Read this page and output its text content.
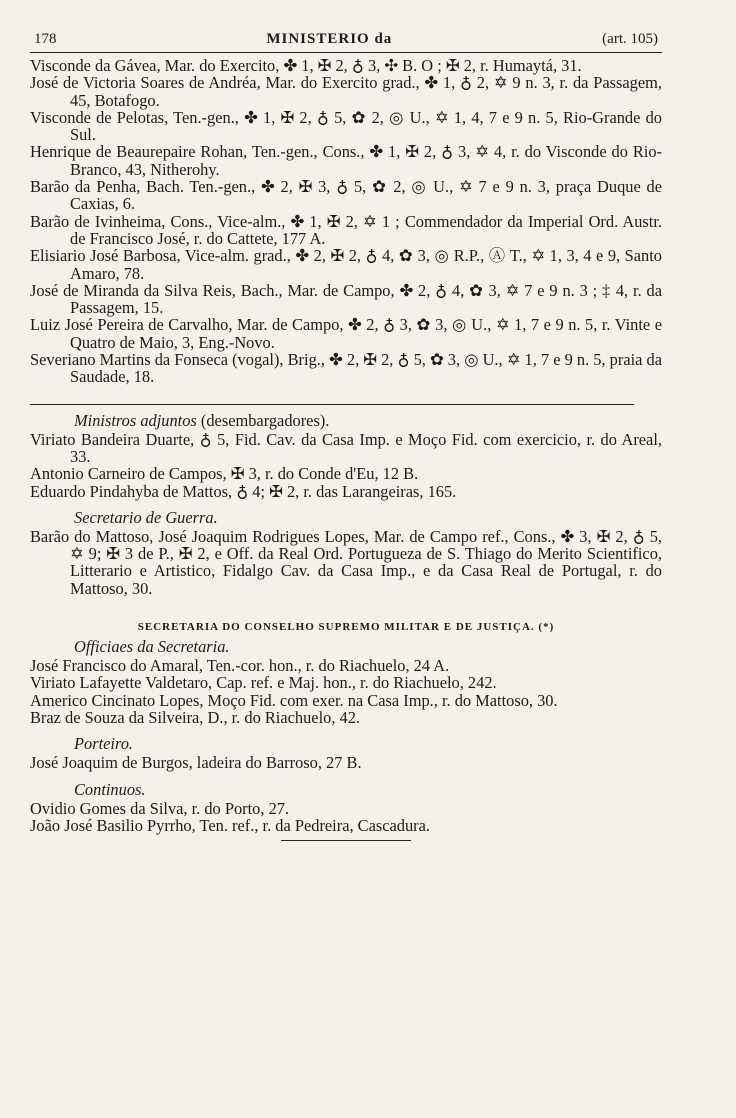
178	MINISTERIO da	(art. 105)

Visconde da Gávea, Mar. do Exercito, ✤ 1, ✠ 2, ♁ 3, ✣ B. O ; ✠ 2, r. Humaytá, 31.

José de Victoria Soares de Andréa, Mar. do Exercito grad., ✤ 1, ♁ 2, ✡ 9 n. 3, r. da Passagem, 45, Botafogo.

Visconde de Pelotas, Ten.-gen., ✤ 1, ✠ 2, ♁ 5, ✿ 2, ◎ U., ✡ 1, 4, 7 e 9 n. 5, Rio-Grande do Sul.

Henrique de Beaurepaire Rohan, Ten.-gen., Cons., ✤ 1, ✠ 2, ♁ 3, ✡ 4, r. do Visconde do Rio-Branco, 43, Nitherohy.

Barão da Penha, Bach. Ten.-gen., ✤ 2, ✠ 3, ♁ 5, ✿ 2, ◎ U., ✡ 7 e 9 n. 3, praça Duque de Caxias, 6.

Barão de Ivinheima, Cons., Vice-alm., ✤ 1, ✠ 2, ✡ 1 ; Commendador da Imperial Ord. Austr. de Francisco José, r. do Cattete, 177 A.

Elisiario José Barbosa, Vice-alm. grad., ✤ 2, ✠ 2, ♁ 4, ✿ 3, ◎ R.P., Ⓐ T., ✡ 1, 3, 4 e 9, Santo Amaro, 78.

José de Miranda da Silva Reis, Bach., Mar. de Campo, ✤ 2, ♁ 4, ✿ 3, ✡ 7 e 9 n. 3 ; ‡ 4, r. da Passagem, 15.

Luiz José Pereira de Carvalho, Mar. de Campo, ✤ 2, ♁ 3, ✿ 3, ◎ U., ✡ 1, 7 e 9 n. 5, r. Vinte e Quatro de Maio, 3, Eng.-Novo.

Severiano Martins da Fonseca (vogal), Brig., ✤ 2, ✠ 2, ♁ 5, ✿ 3, ◎ U., ✡ 1, 7 e 9 n. 5, praia da Saudade, 18.

Ministros adjuntos (desembargadores).

Viriato Bandeira Duarte, ♁ 5, Fid. Cav. da Casa Imp. e Moço Fid. com exercicio, r. do Areal, 33.

Antonio Carneiro de Campos, ✠ 3, r. do Conde d'Eu, 12 B.

Eduardo Pindahyba de Mattos, ♁ 4; ✠ 2, r. das Larangeiras, 165.

Secretario de Guerra.

Barão do Mattoso, José Joaquim Rodrigues Lopes, Mar. de Campo ref., Cons., ✤ 3, ✠ 2, ♁ 5, ✡ 9; ✠ 3 de P., ✠ 2, e Off. da Real Ord. Portugueza de S. Thiago do Merito Scientifico, Litterario e Artistico, Fidalgo Cav. da Casa Imp., e da Casa Real de Portugal, r. do Mattoso, 30.

SECRETARIA DO CONSELHO SUPREMO MILITAR E DE JUSTIÇA. (*)
Officiaes da Secretaria.

José Francisco do Amaral, Ten.-cor. hon., r. do Riachuelo, 24 A.

Viriato Lafayette Valdetaro, Cap. ref. e Maj. hon., r. do Riachuelo, 242.

Americo Cincinato Lopes, Moço Fid. com exer. na Casa Imp., r. do Mattoso, 30.

Braz de Souza da Silveira, D., r. do Riachuelo, 42.

Porteiro.

José Joaquim de Burgos, ladeira do Barroso, 27 B.

Continuos.

Ovidio Gomes da Silva, r. do Porto, 27.

João José Basilio Pyrrho, Ten. ref., r. da Pedreira, Cascadura.
